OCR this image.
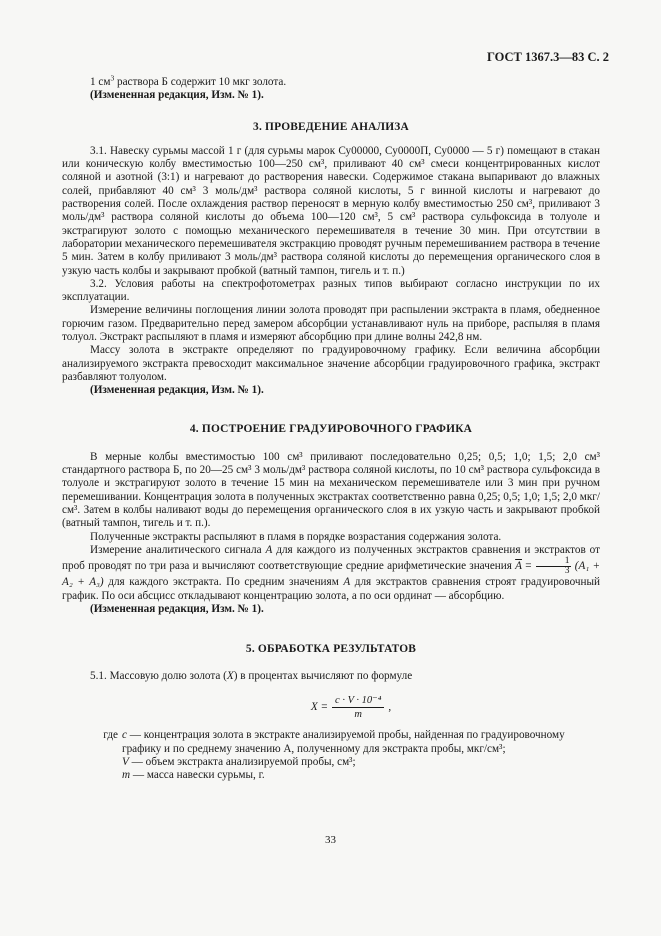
ГОСТ 1367.3—83 С. 2

1 $см^3$ раствора Б содержит 10 мкг золота.

(Измененная редакция, Изм. № 1).

3. ПРОВЕДЕНИЕ АНАЛИЗА

3.1. Навеску сурьмы массой 1 г (для сурьмы марок Су00000, Су0000П, Су0000 — 5 г) помещают в стакан или коническую колбу вместимостью 100—250 см³, приливают 40 см³ смеси концентрированных кислот соляной и азотной (3:1) и нагревают до растворения навески. Содержимое стакана выпаривают до влажных солей, прибавляют 40 см³ 3 моль/дм³ раствора соляной кислоты, 5 г винной кислоты и нагревают до растворения солей. После охлаждения раствор переносят в мерную колбу вместимостью 250 см³, приливают 3 моль/дм³ раствора соляной кислоты до объема 100—120 см³, 5 см³ раствора сульфоксида в толуоле и экстрагируют золото с помощью механического перемешивателя в течение 30 мин. При отсутствии в лаборатории механического перемешивателя экстракцию проводят ручным перемешиванием раствора в течение 5 мин. Затем в колбу приливают 3 моль/дм³ раствора соляной кислоты до перемещения органического слоя в узкую часть колбы и закрывают пробкой (ватный тампон, тигель и т. п.)

3.2. Условия работы на спектрофотометрах разных типов выбирают согласно инструкции по их эксплуатации.

Измерение величины поглощения линии золота проводят при распылении экстракта в пламя, обедненное горючим газом. Предварительно перед замером абсорбции устанавливают нуль на приборе, распыляя в пламя толуол. Экстракт распыляют в пламя и измеряют абсорбцию при длине волны 242,8 нм.

Массу золота в экстракте определяют по градуировочному графику. Если величина абсорбции анализируемого экстракта превосходит максимальное значение абсорбции градуировочного графика, экстракт разбавляют толуолом.

(Измененная редакция, Изм. № 1).

4. ПОСТРОЕНИЕ ГРАДУИРОВОЧНОГО ГРАФИКА

В мерные колбы вместимостью 100 см³ приливают последовательно 0,25; 0,5; 1,0; 1,5; 2,0 см³ стандартного раствора Б, по 20—25 см³ 3 моль/дм³ раствора соляной кислоты, по 10 см³ раствора сульфоксида в толуоле и экстрагируют золото в течение 15 мин на механическом перемешивателе или 3 мин при ручном перемешивании. Концентрация золота в полученных экстрактах соответственно равна 0,25; 0,5; 1,0; 1,5; 2,0 мкг/см³. Затем в колбы наливают воды до перемещения органического слоя в их узкую часть и закрывают пробкой (ватный тампон, тигель и т. п.).

Полученные экстракты распыляют в пламя в порядке возрастания содержания золота.

Измерение аналитического сигнала A для каждого из полученных экстрактов сравнения и экстрактов от проб проводят по три раза и вычисляют соответствующие средние арифметические значения $\overline{A} = \frac{1}{3} (A_1 + A_2 + A_3)$ для каждого экстракта. По средним значениям A для экстрактов сравнения строят градуировочный график. По оси абсцисс откладывают концентрацию золота, а по оси ординат — абсорбцию.

(Измененная редакция, Изм. № 1).

5. ОБРАБОТКА РЕЗУЛЬТАТОВ

5.1. Массовую долю золота (X) в процентах вычисляют по формуле

$X = \frac{\text{c · V · 10⁻⁴}}{m}$ ,
где c — концентрация золота в экстракте анализируемой пробы, найденная по градуировочному графику и по среднему значению A, полученному для экстракта пробы, мкг/см³;
V — объем экстракта анализируемой пробы, см³;
m — масса навески сурьмы, г.
33
